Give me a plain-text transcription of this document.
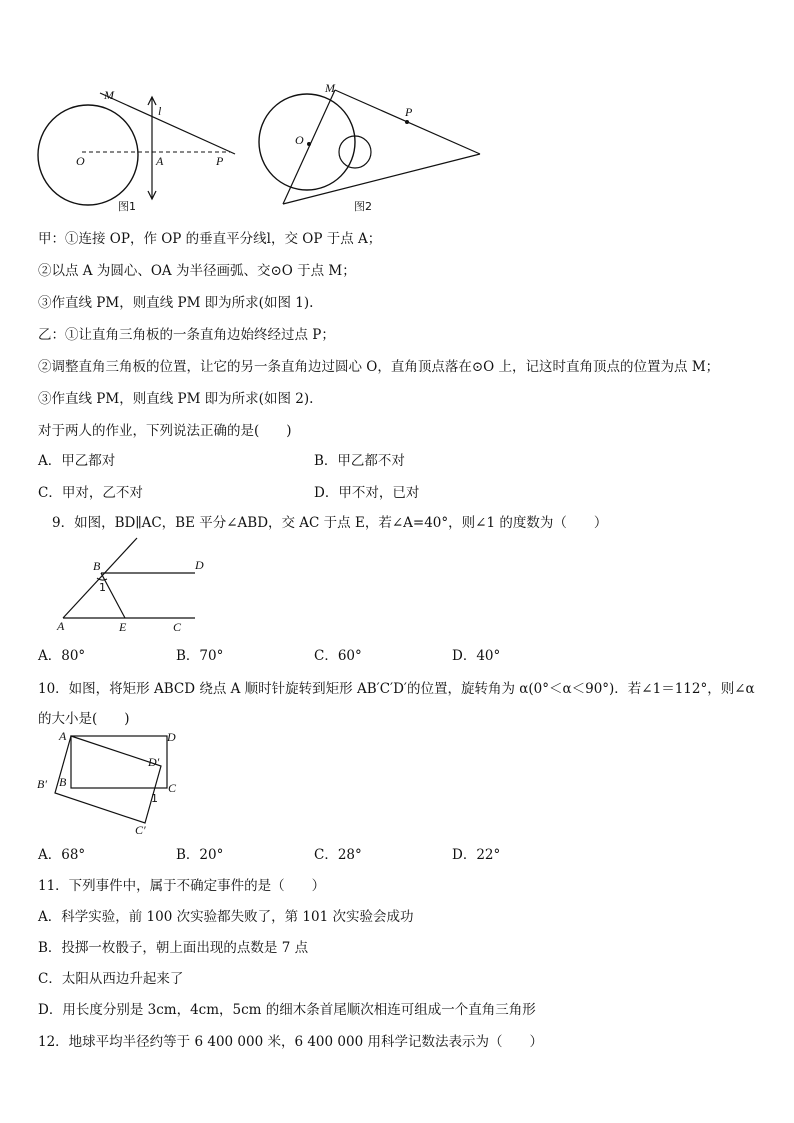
M
l
O	A	P
图1
M
P
O
图2
甲：①连接 OP，作 OP 的垂直平分线l，交 OP 于点 A；
②以点 A 为圆心、OA 为半径画弧、交⊙O 于点 M；
③作直线 PM，则直线 PM 即为所求(如图 1).
乙：①让直角三角板的一条直角边始终经过点 P；
②调整直角三角板的位置，让它的另一条直角边过圆心 O，直角顶点落在⊙O 上，记这时直角顶点的位置为点 M；
③作直线 PM，则直线 PM 即为所求(如图 2).
对于两人的作业，下列说法正确的是(　　)
A．甲乙都对	B．甲乙都不对
C．甲对，乙不对	D．甲不对，已对
9．如图，BD∥AC，BE 平分∠ABD，交 AC 于点 E，若∠A=40°，则∠1 的度数为（　　）
B	D
1
A	E	C
A．80°	B．70°	C．60°	D．40°
10．如图，将矩形 ABCD 绕点 A 顺时针旋转到矩形 AB′C′D′的位置，旋转角为 α(0°＜α＜90°)．若∠1＝112°，则∠α
的大小是(　　)
A	D
D′
B′ B	C
1
C′
A．68°	B．20°	C．28°	D．22°
11．下列事件中，属于不确定事件的是（　　）
A．科学实验，前 100 次实验都失败了，第 101 次实验会成功
B．投掷一枚骰子，朝上面出现的点数是 7 点
C．太阳从西边升起来了
D．用长度分别是 3cm，4cm，5cm 的细木条首尾顺次相连可组成一个直角三角形
12．地球平均半径约等于 6 400 000 米，6 400 000 用科学记数法表示为（　　）
